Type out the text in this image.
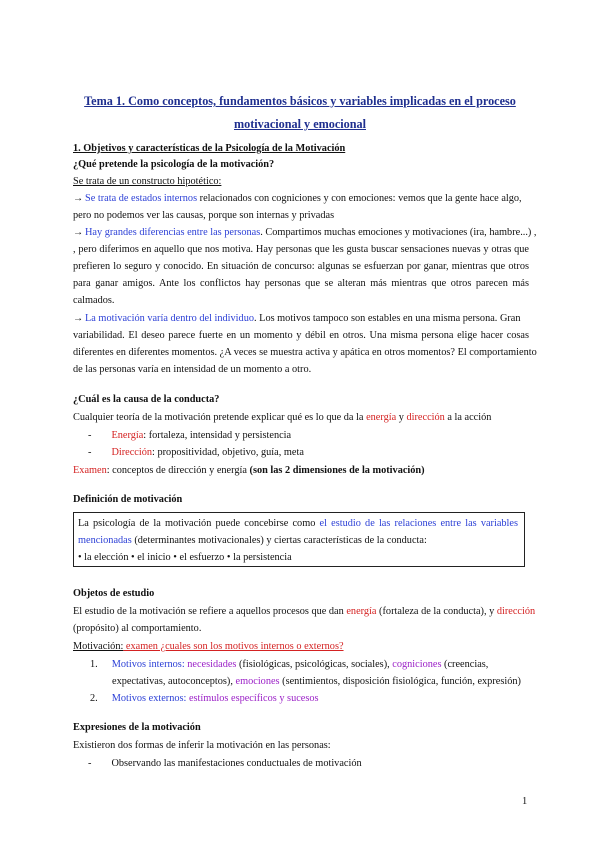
Tema 1. Como conceptos, fundamentos básicos y variables implicadas en el proceso
motivacional y emocional
1. Objetivos y características de la Psicología de la Motivación
¿Qué pretende la psicología de la motivación?
Se trata de un constructo hipotético:
→ Se trata de estados internos relacionados con cogniciones y con emociones: vemos que la gente hace algo,
pero no podemos ver las causas, porque son internas y privadas
→ Hay grandes diferencias entre las personas. Compartimos muchas emociones y motivaciones (ira, hambre...) ,
, pero diferimos en aquello que nos motiva. Hay personas que les gusta buscar sensaciones nuevas y otras que
prefieren lo seguro y conocido. En situación de concurso: algunas se esfuerzan por ganar, mientras que otros
para ganar amigos. Ante los conflictos hay personas que se alteran más mientras que otros parecen más
calmados.
→ La motivación varía dentro del individuo. Los motivos tampoco son estables en una misma persona. Gran
variabilidad. El deseo parece fuerte en un momento y débil en otros. Una misma persona elige hacer cosas
diferentes en diferentes momentos. ¿A veces se muestra activa y apática en otros momentos? El comportamiento
de las personas varía en intensidad de un momento a otro.
¿Cuál es la causa de la conducta?
Cualquier teoría de la motivación pretende explicar qué es lo que da la energía y dirección a la acción
- Energía: fortaleza, intensidad y persistencia
- Dirección: propositividad, objetivo, guía, meta
Examen: conceptos de dirección y energía (son las 2 dimensiones de la motivación)
Definición de motivación
La psicología de la motivación puede concebirse como el estudio de las relaciones entre las variables
mencionadas (determinantes motivacionales) y ciertas características de la conducta:
• la elección • el inicio • el esfuerzo • la persistencia
Objetos de estudio
El estudio de la motivación se refiere a aquellos procesos que dan energía (fortaleza de la conducta), y dirección
(propósito) al comportamiento.
Motivación: examen ¿cuales son los motivos internos o externos?
1. Motivos internos: necesidades (fisiológicas, psicológicas, sociales), cogniciones (creencias,
expectativas, autoconceptos), emociones (sentimientos, disposición fisiológica, función, expresión)
2. Motivos externos: estímulos específicos y sucesos
Expresiones de la motivación
Existieron dos formas de inferir la motivación en las personas:
- Observando las manifestaciones conductuales de motivación
1
